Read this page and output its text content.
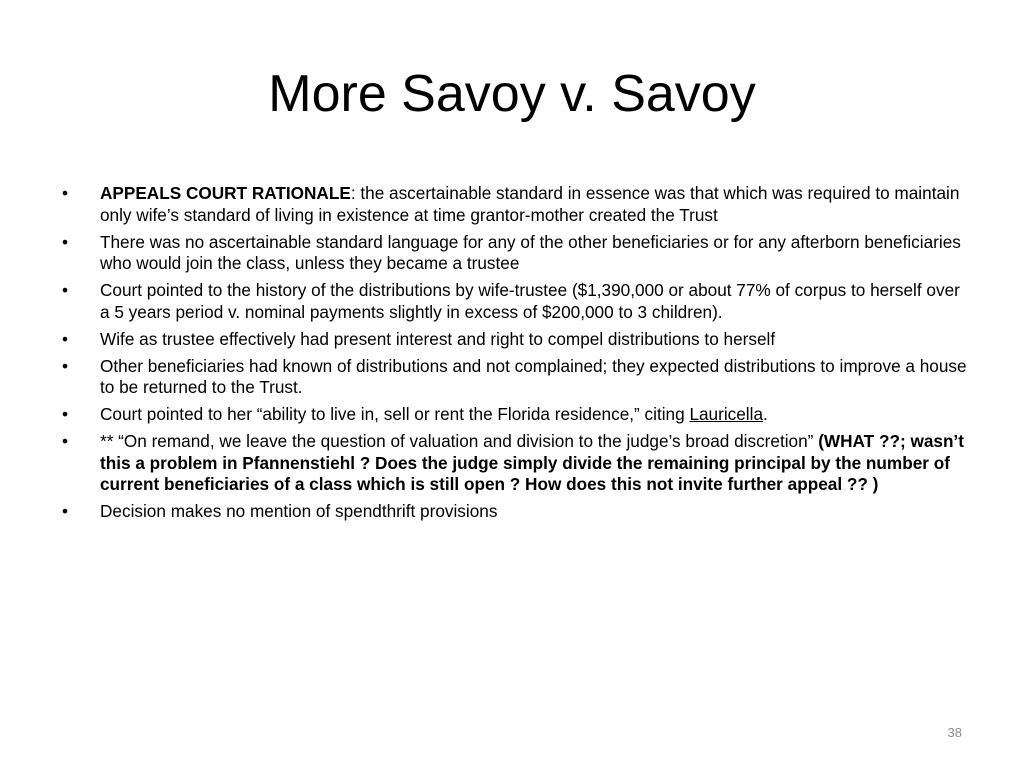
More Savoy v. Savoy
• APPEALS COURT RATIONALE: the ascertainable standard in essence was that which was required to maintain only wife’s standard of living in existence at time grantor-mother created the Trust
• There was no ascertainable standard language for any of the other beneficiaries or for any afterborn beneficiaries who would join the class, unless they became a trustee
• Court pointed to the history of the distributions by wife-trustee ($1,390,000 or about 77% of corpus to herself over a 5 years period v. nominal payments slightly in excess of $200,000 to 3 children).
• Wife as trustee effectively had present interest and right to compel distributions to herself
• Other beneficiaries had known of distributions and not complained; they expected distributions to improve a house to be returned to the Trust.
• Court pointed to her “ability to live in, sell or rent the Florida residence,” citing Lauricella.
• ** “On remand, we leave the question of valuation and division to the judge’s broad discretion” (WHAT ??; wasn’t this a problem in Pfannenstiehl ? Does the judge simply divide the remaining principal by the number of current beneficiaries of a class which is still open ? How does this not invite further appeal ?? )
• Decision makes no mention of spendthrift provisions
38
